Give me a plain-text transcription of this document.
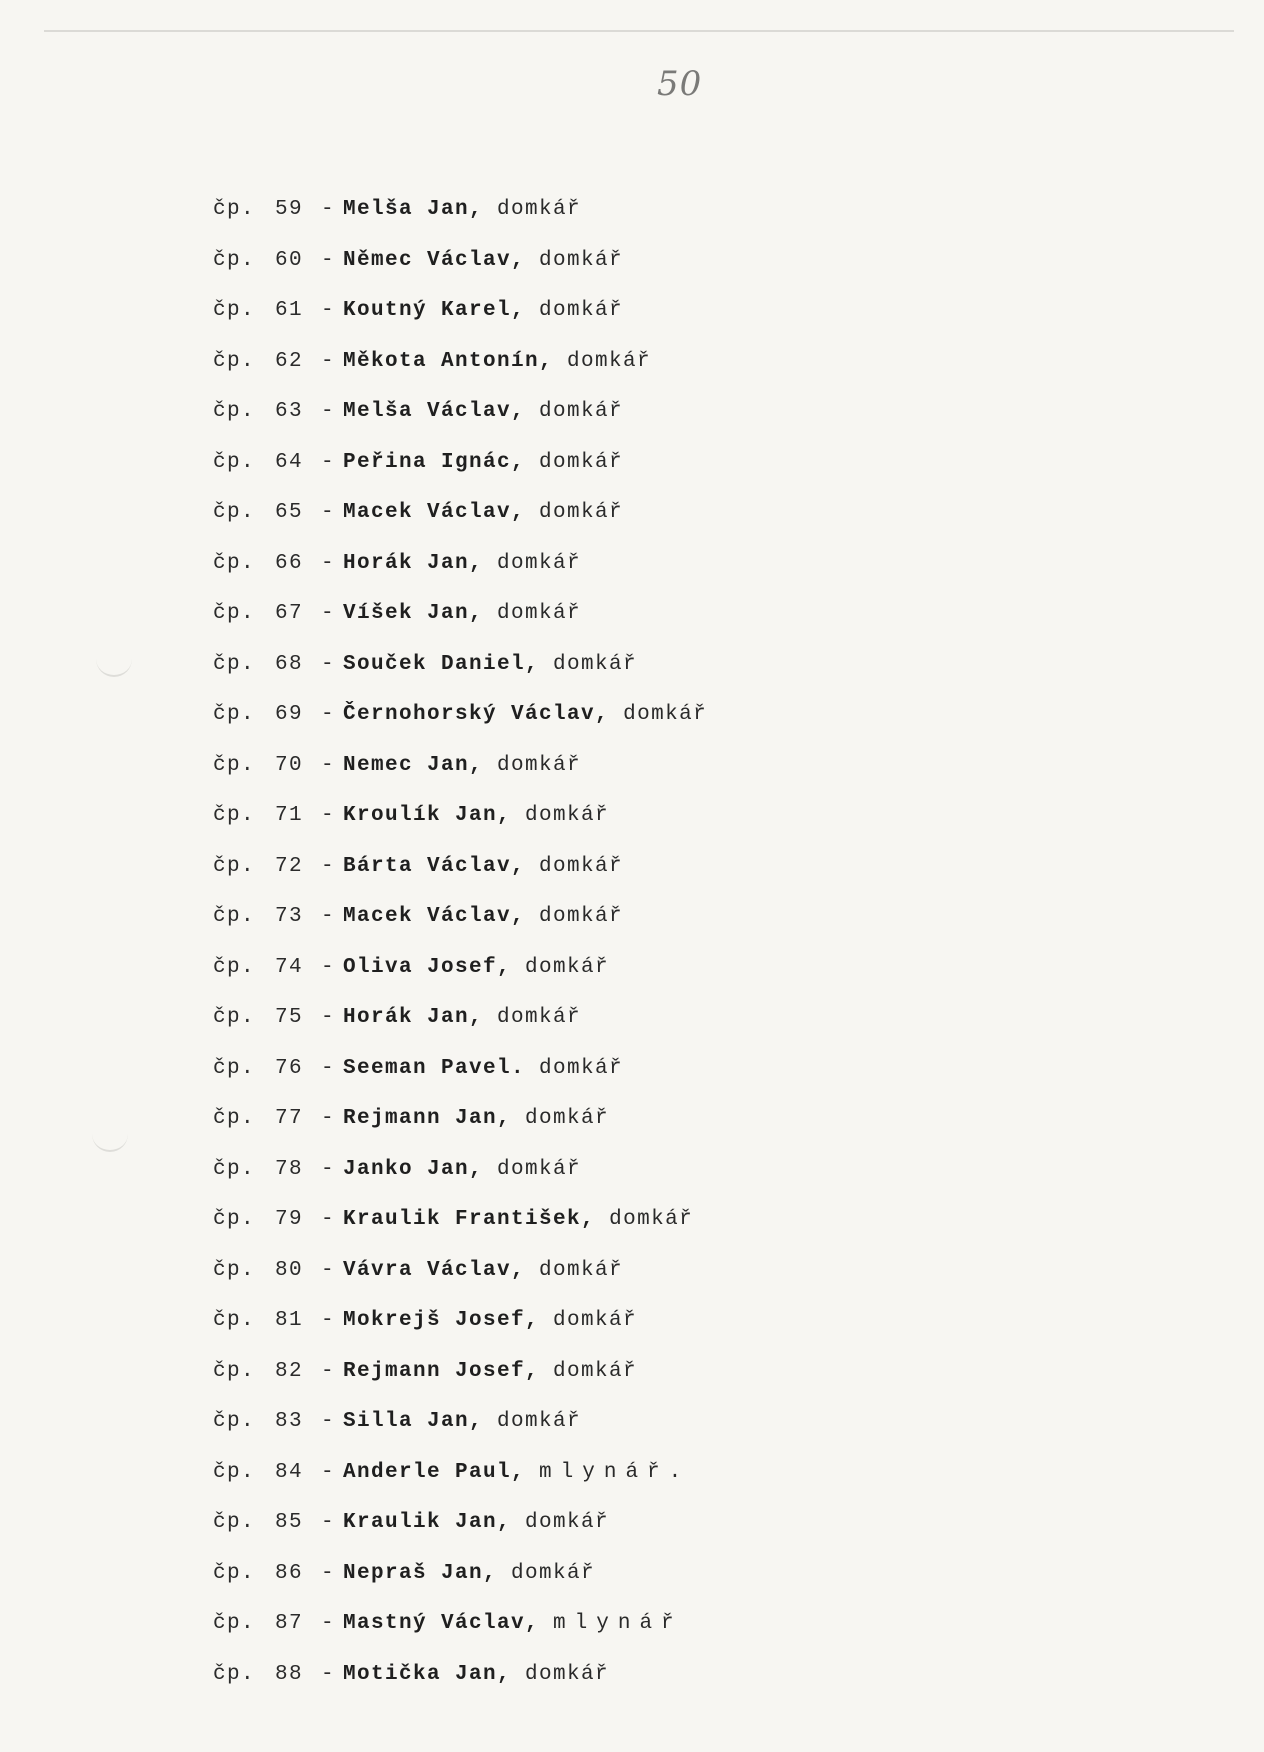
50
čp. 59 - Melša Jan, domkář
čp. 60 - Němec Václav, domkář
čp. 61 - Koutný Karel, domkář
čp. 62 - Měkota Antonín, domkář
čp. 63 - Melša Václav, domkář
čp. 64 - Peřina Ignác, domkář
čp. 65 - Macek Václav, domkář
čp. 66 - Horák Jan, domkář
čp. 67 - Víšek Jan, domkář
čp. 68 - Souček Daniel, domkář
čp. 69 - Černohorský Václav, domkář
čp. 70 - Nemec Jan, domkář
čp. 71 - Kroulík Jan, domkář
čp. 72 - Bárta Václav, domkář
čp. 73 - Macek Václav, domkář
čp. 74 - Oliva Josef, domkář
čp. 75 - Horák Jan, domkář
čp. 76 - Seeman Pavel. domkář
čp. 77 - Rejmann Jan, domkář
čp. 78 - Janko Jan, domkář
čp. 79 - Kraulik František, domkář
čp. 80 - Vávra Václav, domkář
čp. 81 - Mokrejš Josef, domkář
čp. 82 - Rejmann Josef, domkář
čp. 83 - Silla Jan, domkář
čp. 84 - Anderle Paul, mlynář.
čp. 85 - Kraulik Jan, domkář
čp. 86 - Nepraš Jan, domkář
čp. 87 - Mastný Václav, mlynář
čp. 88 - Motička Jan, domkář
